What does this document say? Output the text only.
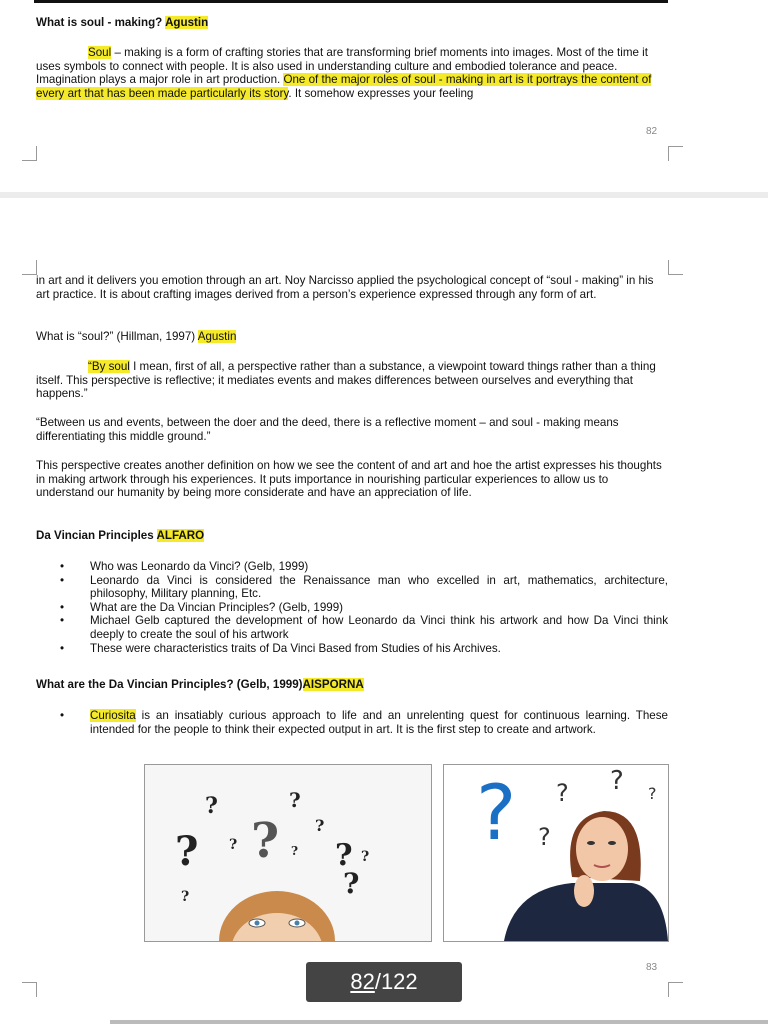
What is soul - making? Agustin

Soul – making is a form of crafting stories that are transforming brief moments into images. Most of the time it uses symbols to connect with people. It is also used in understanding culture and embodied tolerance and peace. Imagination plays a major role in art production. One of the major roles of soul - making in art is it portrays the content of every art that has been made particularly its story. It somehow expresses your feeling

82

in art and it delivers you emotion through an art. Noy Narcisso applied the psychological concept of “soul - making” in his art practice. It is about crafting images derived from a person’s experience expressed through any form of art.

What is “soul?” (Hillman, 1997) Agustin

“By soul I mean, first of all, a perspective rather than a substance, a viewpoint toward things rather than a thing itself. This perspective is reflective; it mediates events and makes differences between ourselves and everything that happens.”

“Between us and events, between the doer and the deed, there is a reflective moment – and soul - making means differentiating this middle ground.”

This perspective creates another definition on how we see the content of and art and hoe the artist expresses his thoughts in making artwork through his experiences. It puts importance in nourishing particular experiences to allow us to understand our humanity by being more considerate and have an appreciation of life.

Da Vincian Principles ALFARO

• Who was Leonardo da Vinci? (Gelb, 1999)
• Leonardo da Vinci is considered the Renaissance man who excelled in art, mathematics, architecture, philosophy, Military planning, Etc.
• What are the Da Vincian Principles? (Gelb, 1999)
• Michael Gelb captured the development of how Leonardo da Vinci think his artwork and how Da Vinci think deeply to create the soul of his artwork
• These were characteristics traits of Da Vinci Based from Studies of his Archives.

What are the Da Vincian Principles? (Gelb, 1999)AISPORNA

• Curiosita is an insatiably curious approach to life and an unrelenting quest for continuous learning. These intended for the people to think their expected output in art. It is the first step to create and artwork.
?	?
? ?
? ?	? ?
?
?
? ? ? ? ?
?
83
82 / 122
